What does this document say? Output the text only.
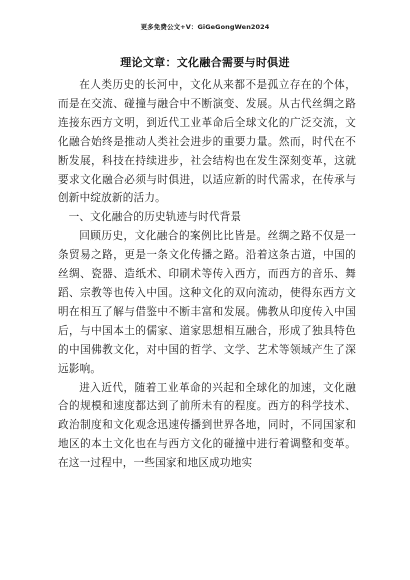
更多免费公文+V：GiGeGongWen2024
理论文章：文化融合需要与时俱进

在人类历史的长河中，文化从来都不是孤立存在的个体，而是在交流、碰撞与融合中不断演变、发展。从古代丝绸之路连接东西方文明，到近代工业革命后全球文化的广泛交流，文化融合始终是推动人类社会进步的重要力量。然而，时代在不断发展，科技在持续进步，社会结构也在发生深刻变革，这就要求文化融合必须与时俱进，以适应新的时代需求，在传承与创新中绽放新的活力。

一、文化融合的历史轨迹与时代背景

回顾历史，文化融合的案例比比皆是。丝绸之路不仅是一条贸易之路，更是一条文化传播之路。沿着这条古道，中国的丝绸、瓷器、造纸术、印刷术等传入西方，而西方的音乐、舞蹈、宗教等也传入中国。这种文化的双向流动，使得东西方文明在相互了解与借鉴中不断丰富和发展。佛教从印度传入中国后，与中国本土的儒家、道家思想相互融合，形成了独具特色的中国佛教文化，对中国的哲学、文学、艺术等领域产生了深远影响。

进入近代，随着工业革命的兴起和全球化的加速，文化融合的规模和速度都达到了前所未有的程度。西方的科学技术、政治制度和文化观念迅速传播到世界各地，同时，不同国家和地区的本土文化也在与西方文化的碰撞中进行着调整和变革。在这一过程中，一些国家和地区成功地实
